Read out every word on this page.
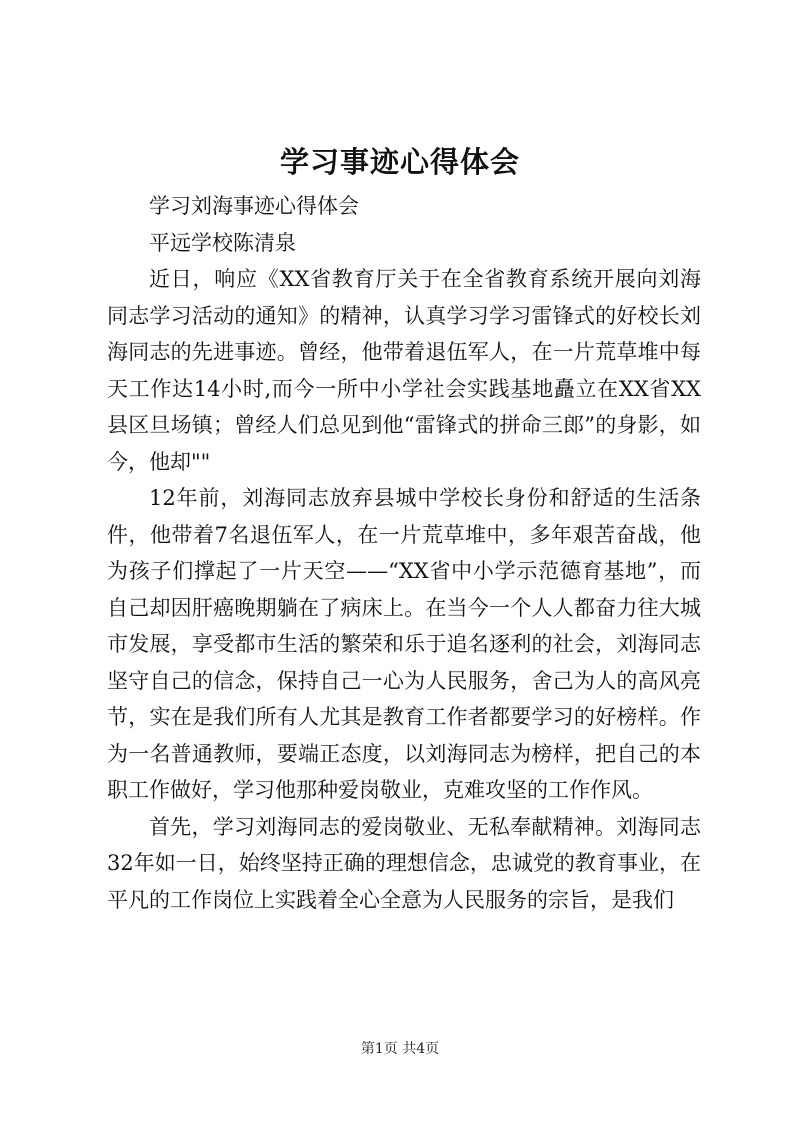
学习事迹心得体会

学习刘海事迹心得体会

平远学校陈清泉

近日，响应《XX省教育厅关于在全省教育系统开展向刘海同志学习活动的通知》的精神，认真学习学习雷锋式的好校长刘海同志的先进事迹。曾经，他带着退伍军人，在一片荒草堆中每天工作达14小时,而今一所中小学社会实践基地矗立在XX省XX县区旦场镇；曾经人们总见到他“雷锋式的拼命三郎”的身影，如今，他却""

12年前，刘海同志放弃县城中学校长身份和舒适的生活条件，他带着7名退伍军人，在一片荒草堆中，多年艰苦奋战，他为孩子们撑起了一片天空——“XX省中小学示范德育基地”，而自己却因肝癌晚期躺在了病床上。在当今一个人人都奋力往大城市发展，享受都市生活的繁荣和乐于追名逐利的社会，刘海同志坚守自己的信念，保持自己一心为人民服务，舍己为人的高风亮节，实在是我们所有人尤其是教育工作者都要学习的好榜样。作为一名普通教师，要端正态度，以刘海同志为榜样，把自己的本职工作做好，学习他那种爱岗敬业，克难攻坚的工作作风。

首先，学习刘海同志的爱岗敬业、无私奉献精神。刘海同志32年如一日，始终坚持正确的理想信念，忠诚党的教育事业，在平凡的工作岗位上实践着全心全意为人民服务的宗旨，是我们

第1页 共4页
